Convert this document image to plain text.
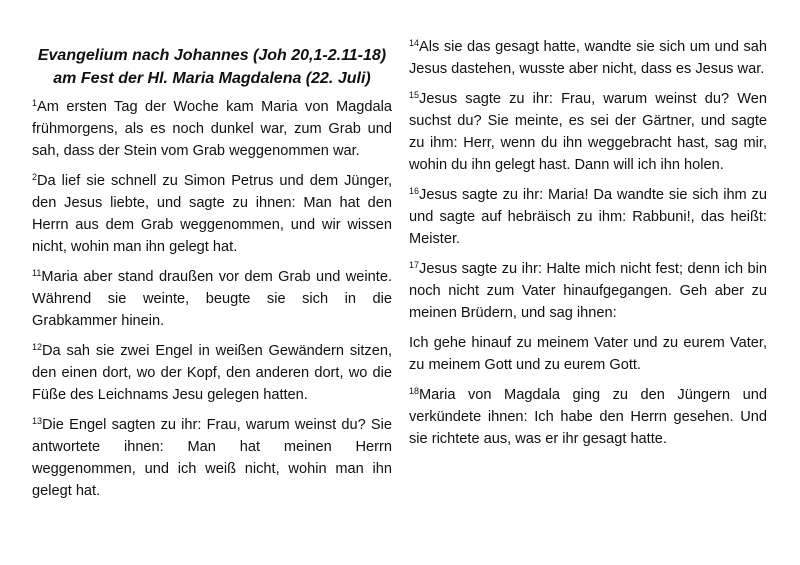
Evangelium nach Johannes (Joh 20,1-2.11-18)
am Fest der Hl. Maria Magdalena (22. Juli)

$^1$Am ersten Tag der Woche kam Maria von Magdala frühmorgens, als es noch dunkel war, zum Grab und sah, dass der Stein vom Grab weggenommen war.

$^2$Da lief sie schnell zu Simon Petrus und dem Jünger, den Jesus liebte, und sagte zu ihnen: Man hat den Herrn aus dem Grab weggenommen, und wir wissen nicht, wohin man ihn gelegt hat.

$^{11}$Maria aber stand draußen vor dem Grab und weinte. Während sie weinte, beugte sie sich in die Grabkammer hinein.

$^{12}$Da sah sie zwei Engel in weißen Gewändern sitzen, den einen dort, wo der Kopf, den anderen dort, wo die Füße des Leichnams Jesu gelegen hatten.

$^{13}$Die Engel sagten zu ihr: Frau, warum weinst du? Sie antwortete ihnen: Man hat meinen Herrn weggenommen, und ich weiß nicht, wohin man ihn gelegt hat.

$^{14}$Als sie das gesagt hatte, wandte sie sich um und sah Jesus dastehen, wusste aber nicht, dass es Jesus war.

$^{15}$Jesus sagte zu ihr: Frau, warum weinst du? Wen suchst du? Sie meinte, es sei der Gärtner, und sagte zu ihm: Herr, wenn du ihn weggebracht hast, sag mir, wohin du ihn gelegt hast. Dann will ich ihn holen.

$^{16}$Jesus sagte zu ihr: Maria! Da wandte sie sich ihm zu und sagte auf hebräisch zu ihm: Rabbuni!, das heißt: Meister.

$^{17}$Jesus sagte zu ihr: Halte mich nicht fest; denn ich bin noch nicht zum Vater hinaufgegangen. Geh aber zu meinen Brüdern, und sag ihnen:

Ich gehe hinauf zu meinem Vater und zu eurem Vater, zu meinem Gott und zu eurem Gott.

$^{18}$Maria von Magdala ging zu den Jüngern und verkündete ihnen: Ich habe den Herrn gesehen. Und sie richtete aus, was er ihr gesagt hatte.
